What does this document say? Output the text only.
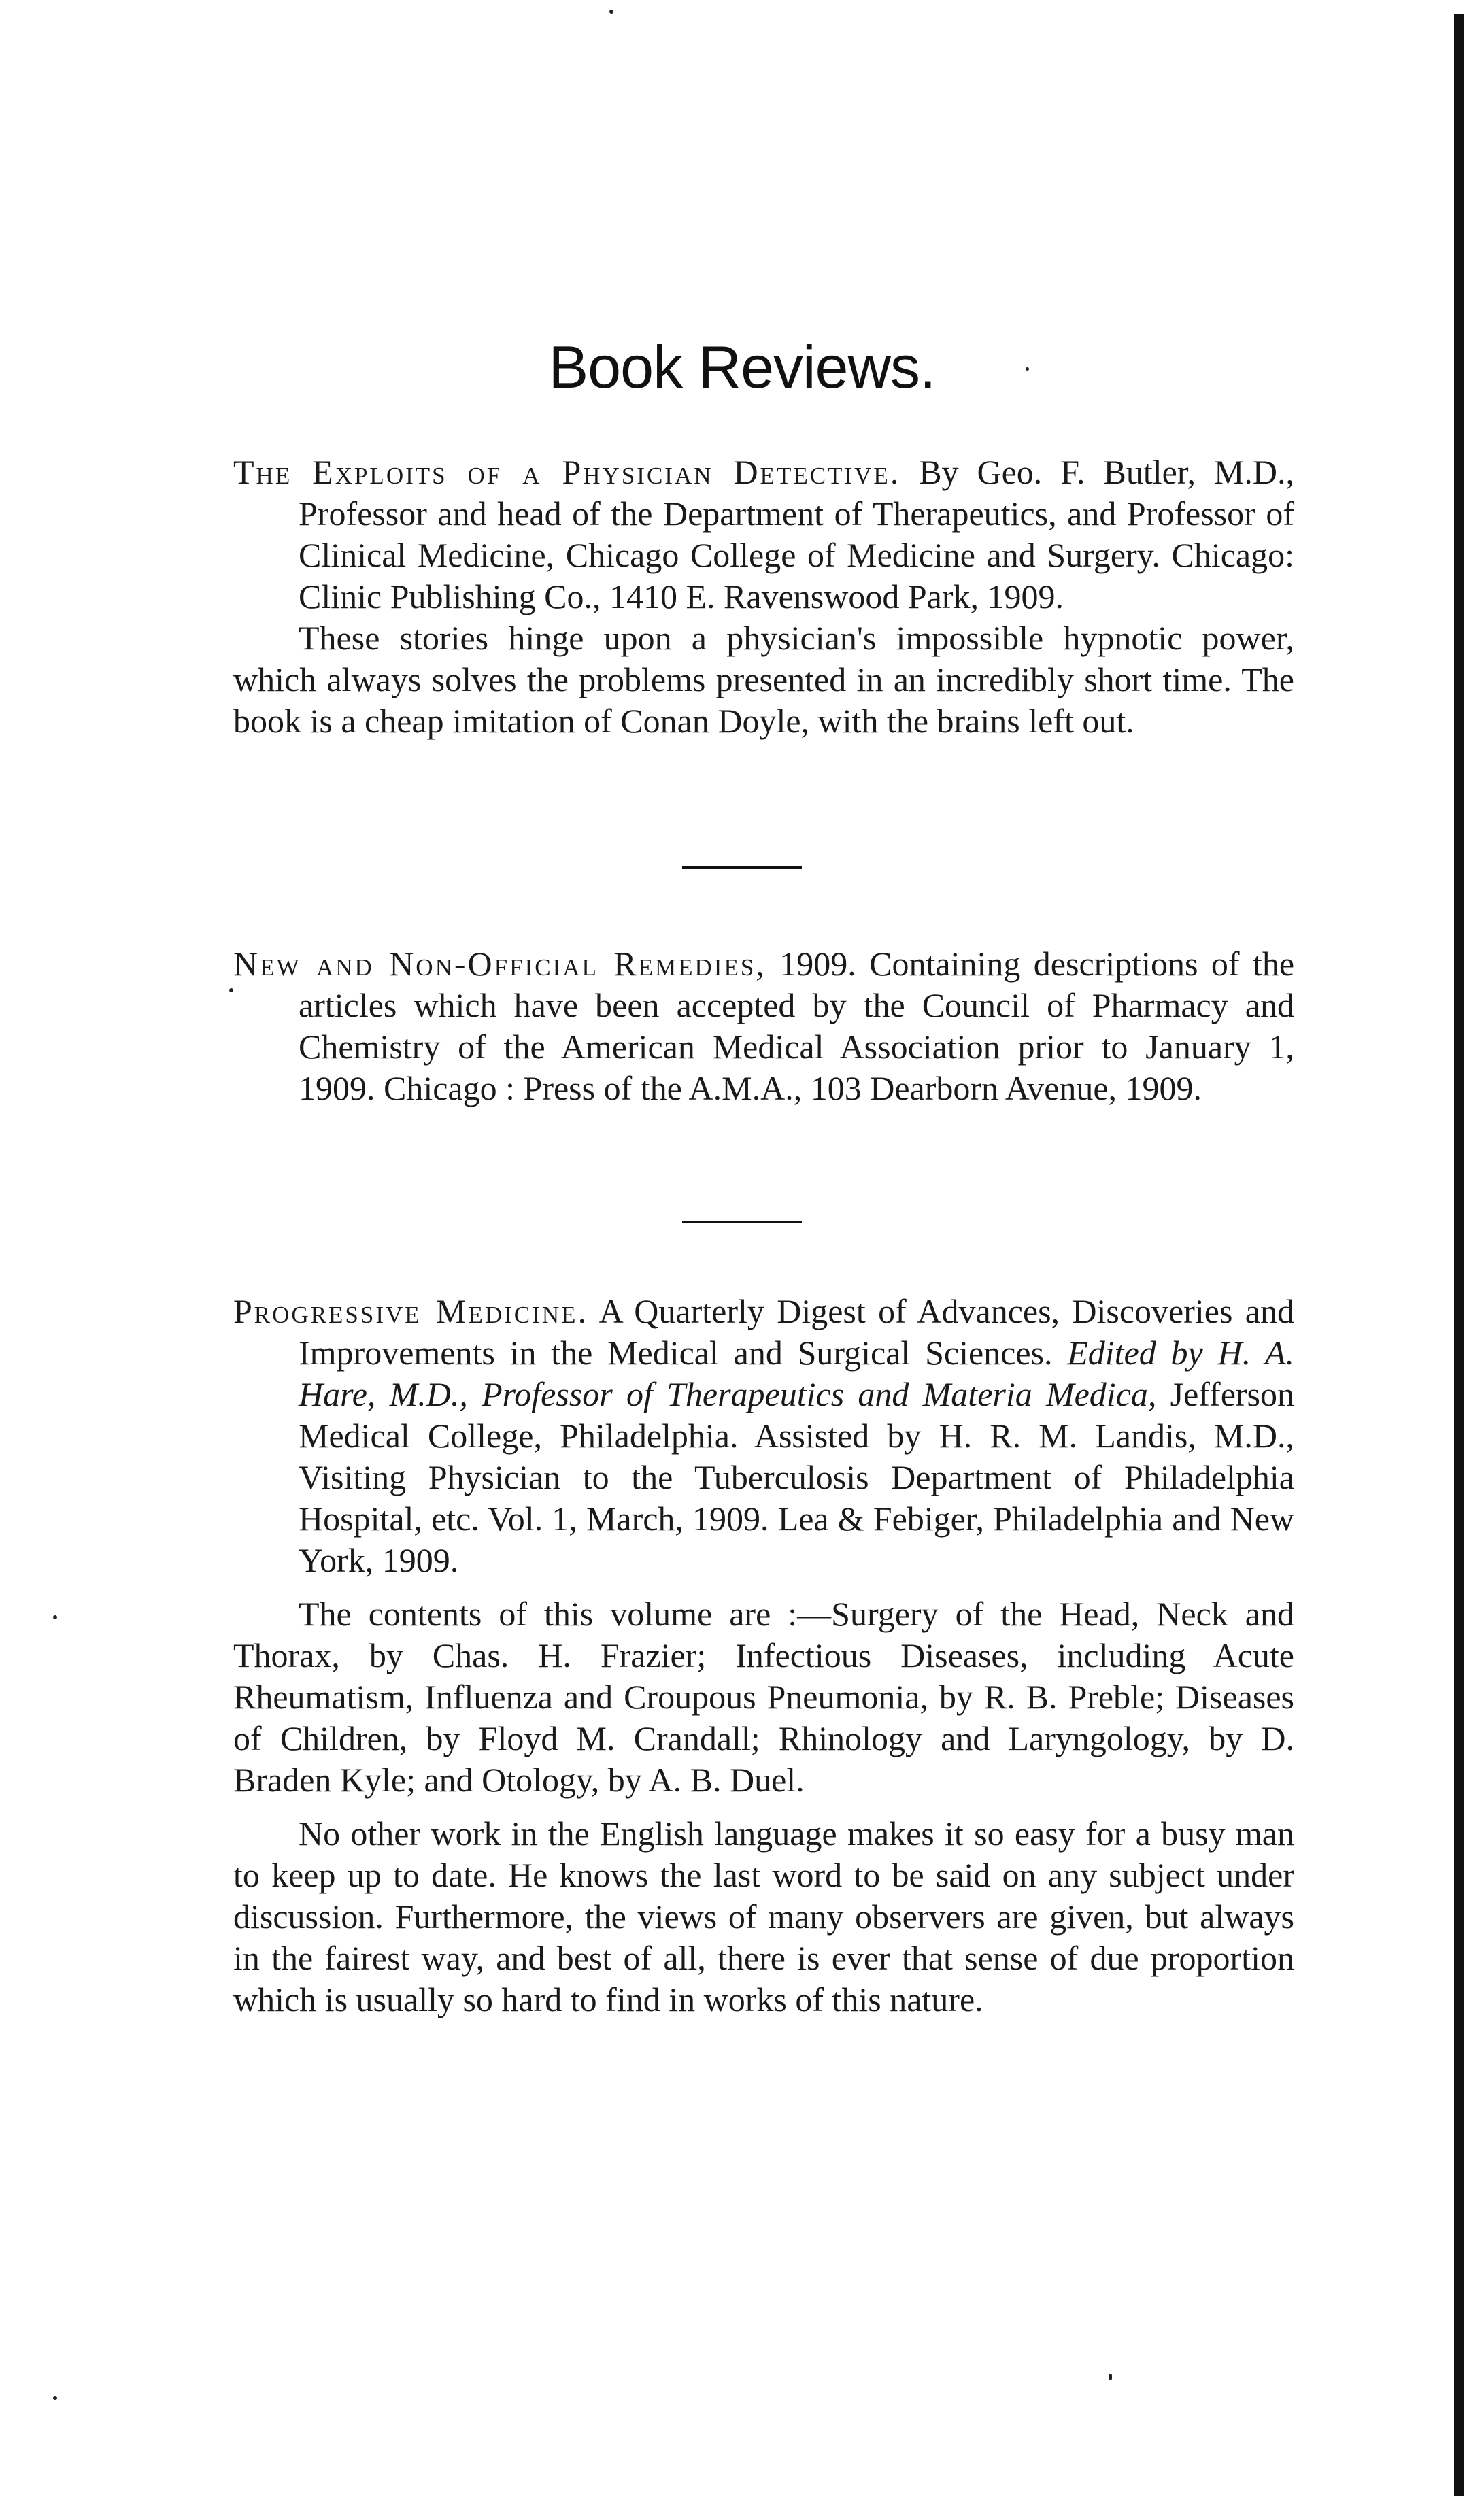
Book Reviews.

The Exploits of a Physician Detective. By Geo. F. Butler, M.D., Professor and head of the Department of Therapeutics, and Professor of Clinical Medicine, Chicago College of Medicine and Surgery. Chicago: Clinic Publishing Co., 1410 E. Ravenswood Park, 1909.

These stories hinge upon a physician's impossible hypnotic power, which always solves the problems presented in an incredibly short time. The book is a cheap imitation of Conan Doyle, with the brains left out.

New and Non-Official Remedies, 1909. Containing descriptions of the articles which have been accepted by the Council of Pharmacy and Chemistry of the American Medical Association prior to January 1, 1909. Chicago : Press of the A.M.A., 103 Dearborn Avenue, 1909.

Progressive Medicine. A Quarterly Digest of Advances, Discoveries and Improvements in the Medical and Surgical Sciences. Edited by H. A. Hare, M.D., Professor of Therapeutics and Materia Medica, Jefferson Medical College, Philadelphia. Assisted by H. R. M. Landis, M.D., Visiting Physician to the Tuberculosis Department of Philadelphia Hospital, etc. Vol. 1, March, 1909. Lea & Febiger, Philadelphia and New York, 1909.

The contents of this volume are :—Surgery of the Head, Neck and Thorax, by Chas. H. Frazier; Infectious Diseases, including Acute Rheumatism, Influenza and Croupous Pneumonia, by R. B. Preble; Diseases of Children, by Floyd M. Crandall; Rhinology and Laryngology, by D. Braden Kyle; and Otology, by A. B. Duel.

No other work in the English language makes it so easy for a busy man to keep up to date. He knows the last word to be said on any subject under discussion. Furthermore, the views of many observers are given, but always in the fairest way, and best of all, there is ever that sense of due proportion which is usually so hard to find in works of this nature.
